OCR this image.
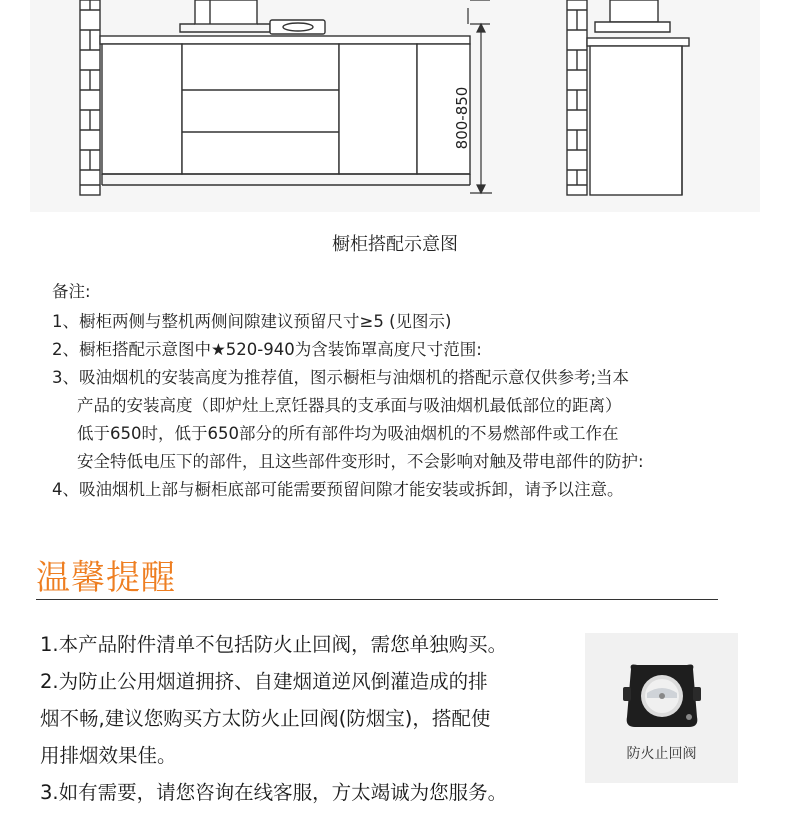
800-850
橱柜搭配示意图
备注:
1、 橱柜两侧与整机两侧间隙建议预留尺寸≥5 (见图示)
2、 橱柜搭配示意图中★520-940为含装饰罩高度尺寸范围:
3、 吸油烟机的安装高度为推荐值，图示橱柜与油烟机的搭配示意仅供参考;当本
产品的安装高度（即炉灶上烹饪器具的支承面与吸油烟机最低部位的距离）
低于650时，低于650部分的所有部件均为吸油烟机的不易燃部件或工作在
安全特低电压下的部件，且这些部件变形时，不会影响对触及带电部件的防护:
4、 吸油烟机上部与橱柜底部可能需要预留间隙才能安装或拆卸，请予以注意。
温馨提醒
1.本产品附件清单不包括防火止回阀，需您单独购买。
2.为防止公用烟道拥挤、自建烟道逆风倒灌造成的排
烟不畅,建议您购买方太防火止回阀(防烟宝)，搭配使
用排烟效果佳。
3.如有需要，请您咨询在线客服，方太竭诚为您服务。
防火止回阀
